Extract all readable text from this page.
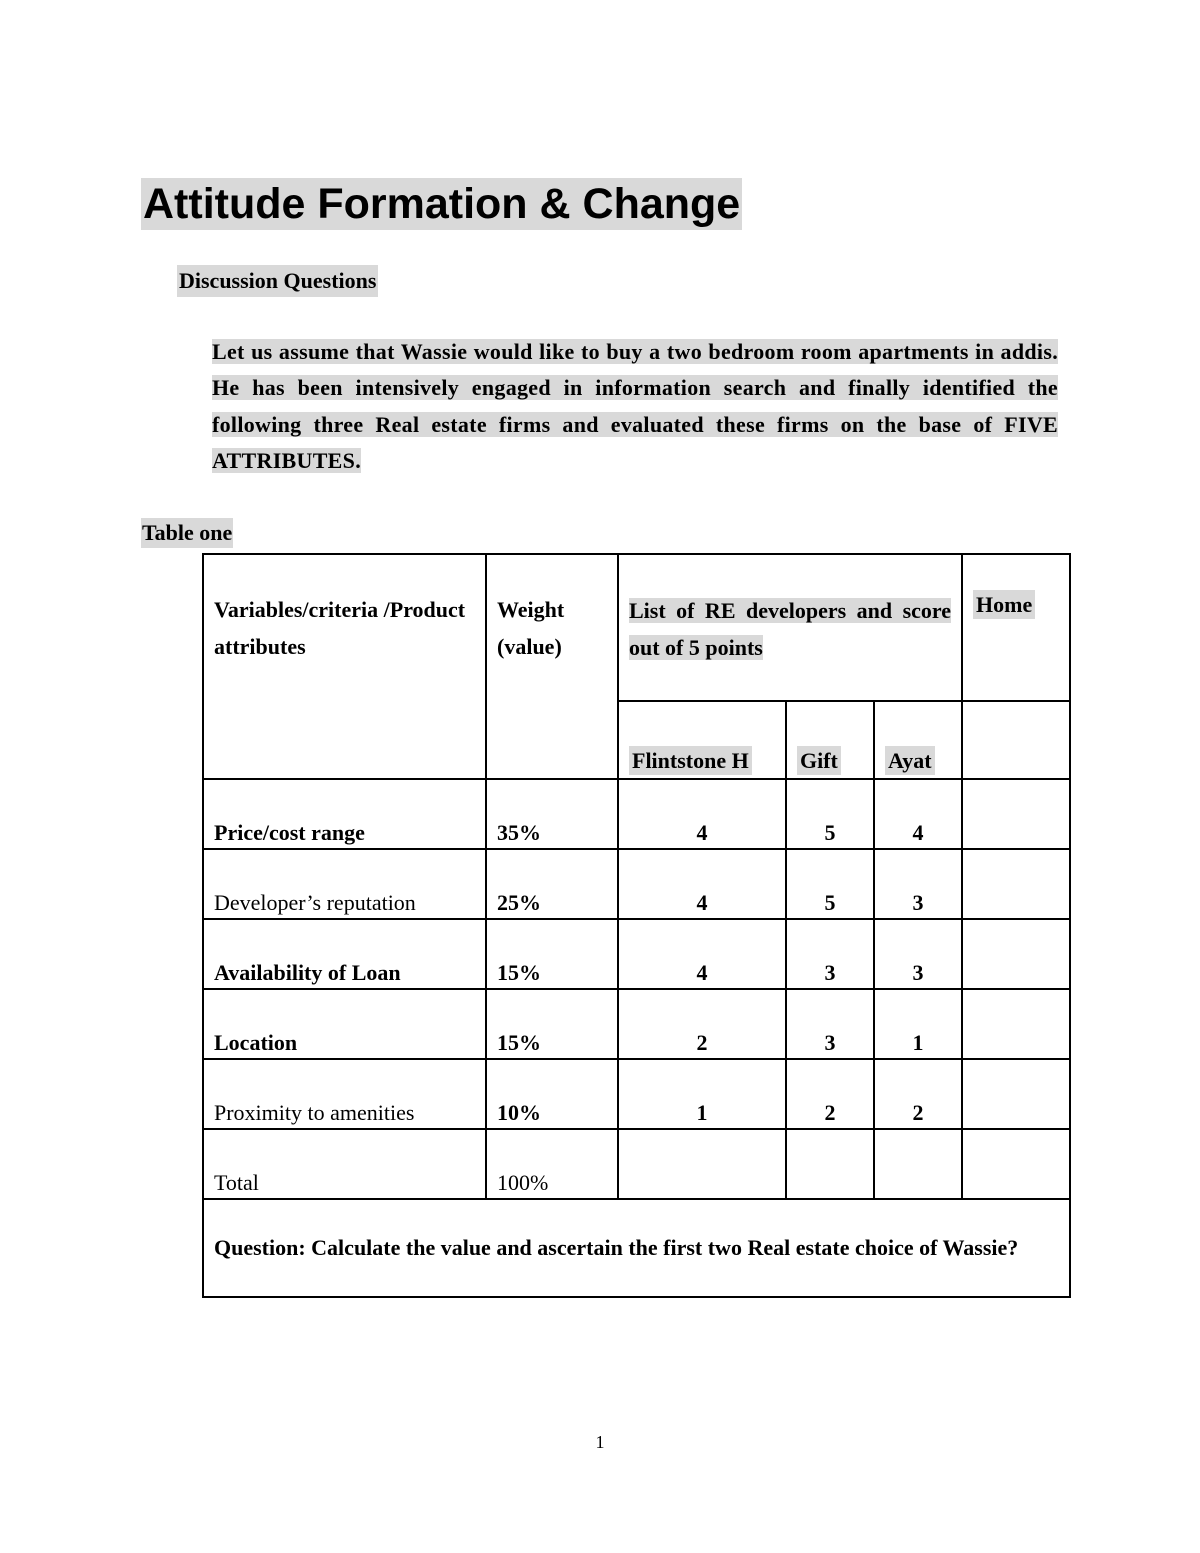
Attitude Formation & Change
Discussion Questions
Let us assume that Wassie would like to buy a two bedroom room apartments in addis. He has been intensively engaged in information search and finally identified the following three Real estate firms and evaluated these firms on the base of FIVE ATTRIBUTES.
Table one
Variables/criteria /Product attributes	Weight (value)	List of RE developers and score out of 5 points			Home
		Flintstone H	Gift	Ayat	
Price/cost range	35%	4	5	4	
Developer’s reputation	25%	4	5	3	
Availability of Loan	15%	4	3	3	
Location	15%	2	3	1	
Proximity to amenities	10%	1	2	2	
Total	100%				
Question: Calculate the value and ascertain the first two Real estate choice of Wassie?					
1
